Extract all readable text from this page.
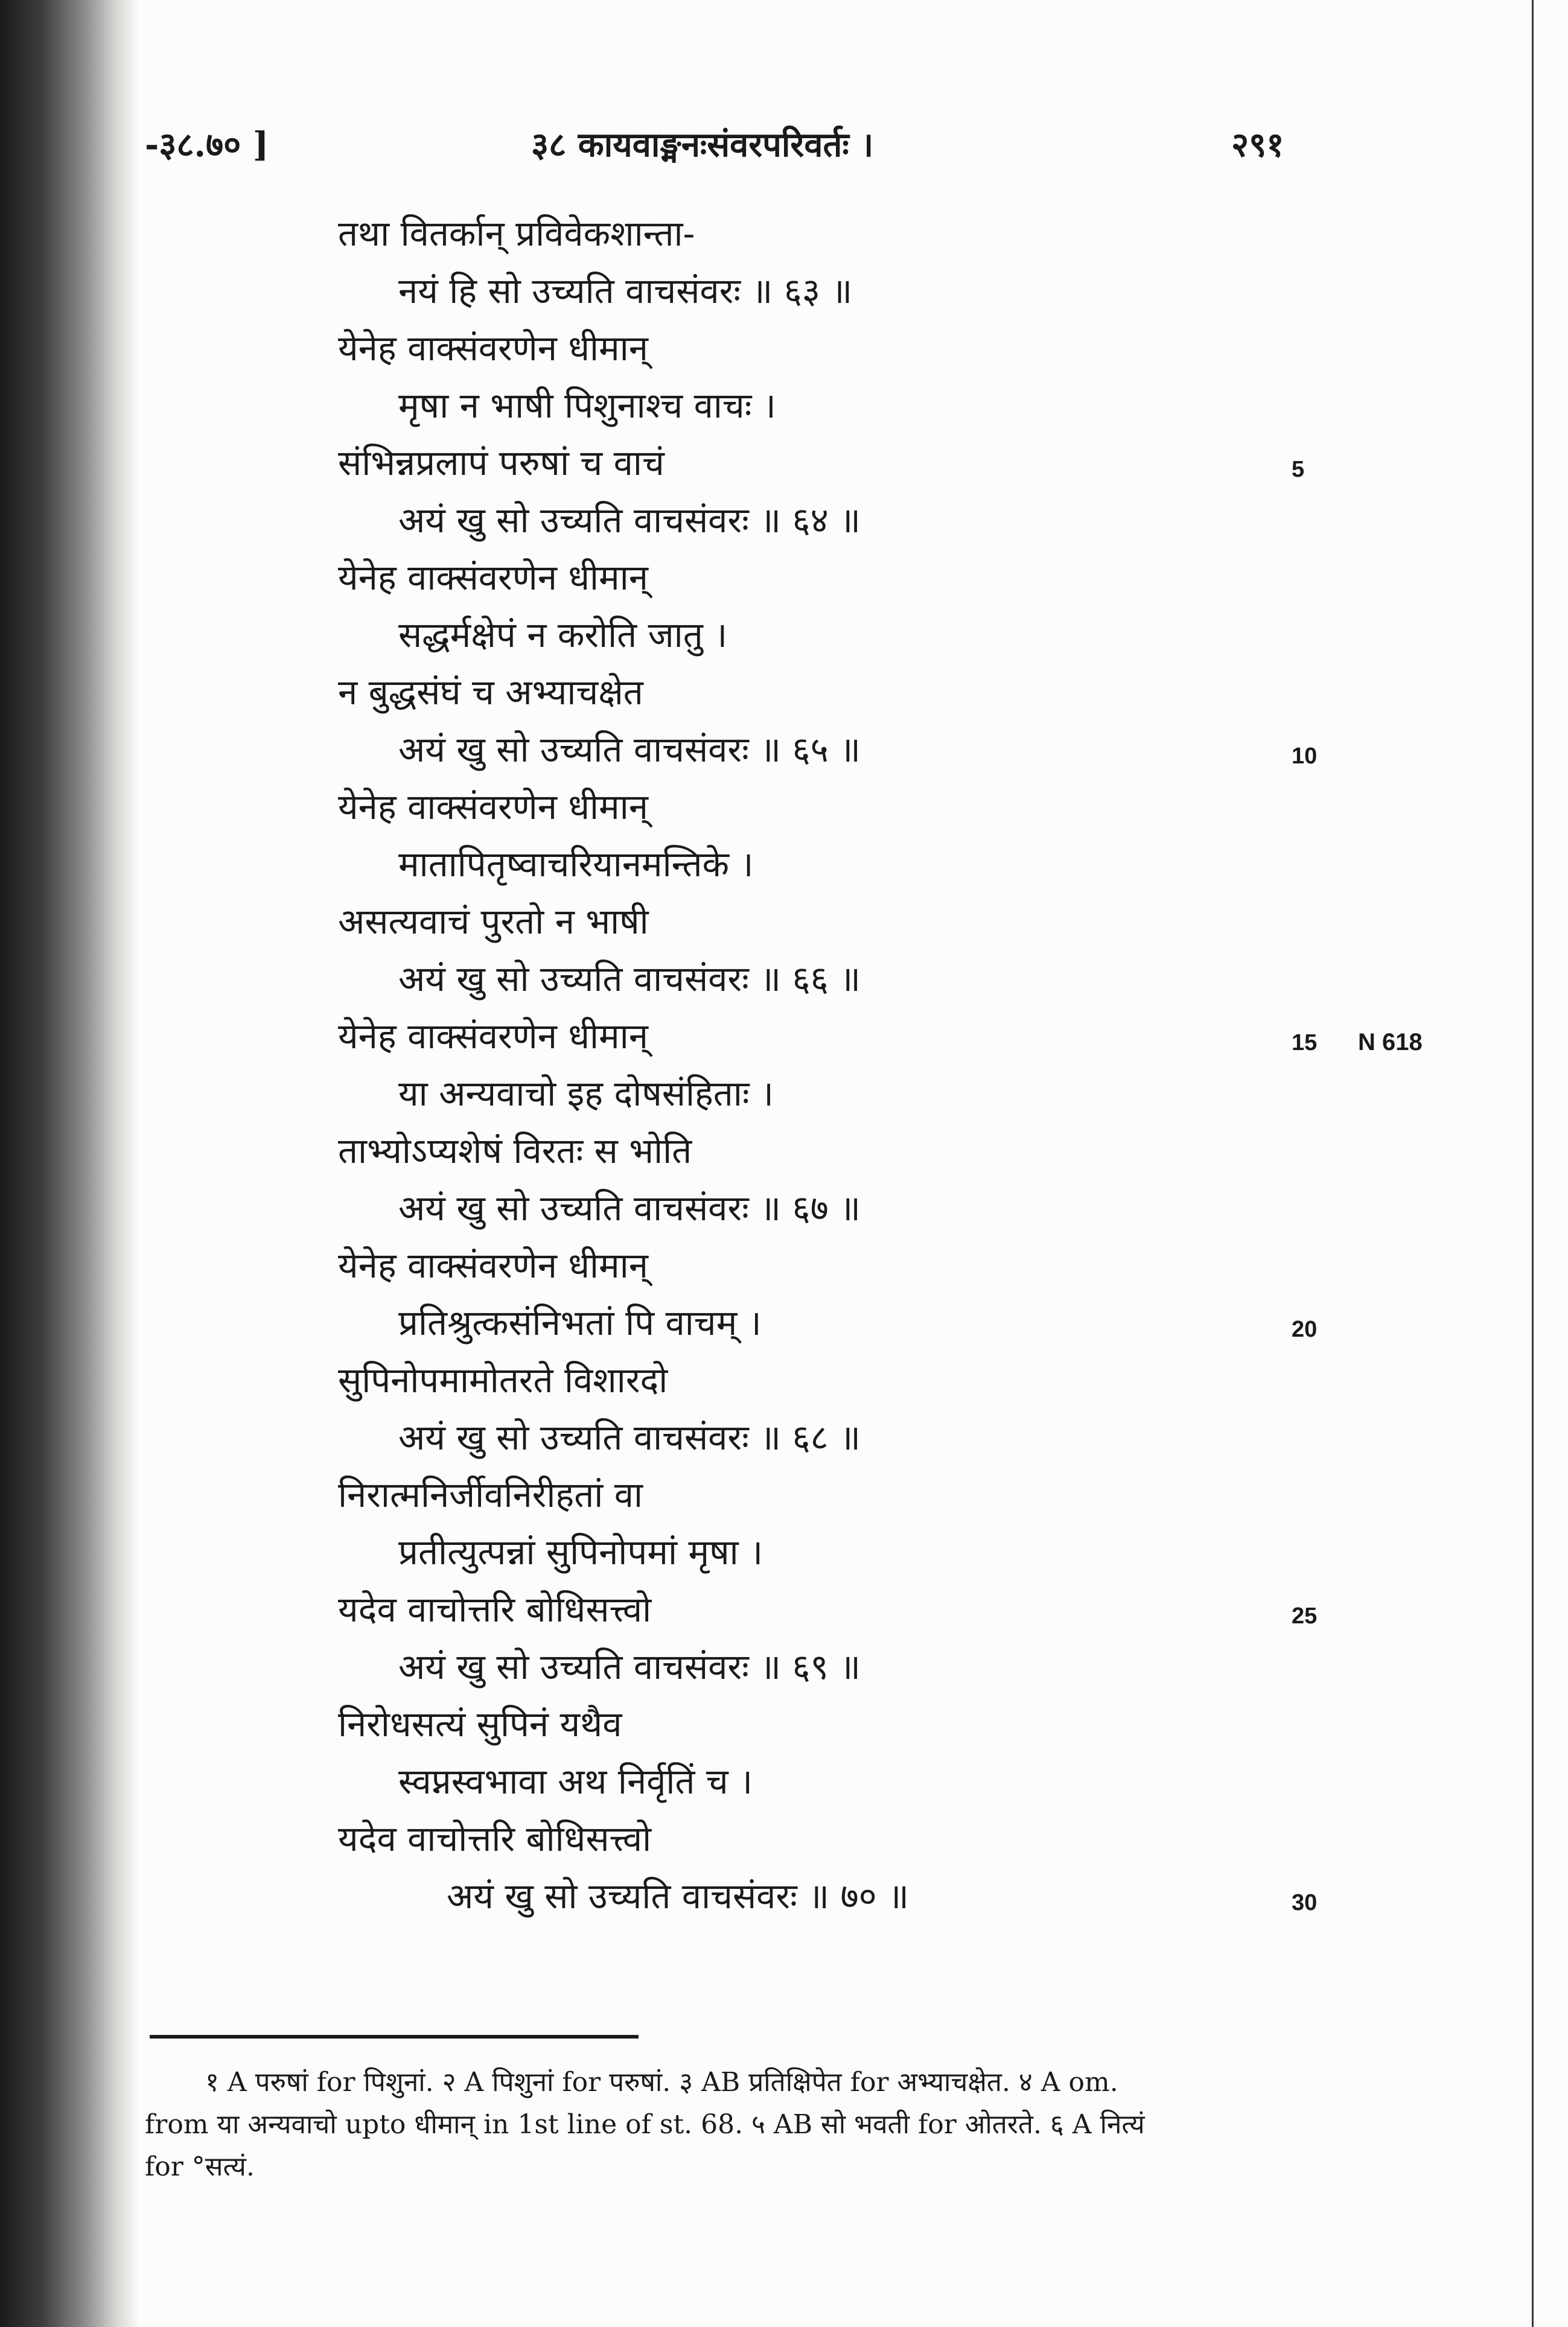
-३८.७० ]	३८ कायवाङ्मनःसंवरपरिवर्तः ।	२९१
तथा वितर्कान् प्रविवेकशान्ता-
नयं हि सो उच्यति वाचसंवरः ॥ ६३ ॥
येनेह वाक्संवरणेन धीमान्
मृषा न भाषी पिशुनाश्च वाचः ।
संभिन्नप्रलापं परुषां च वाचं
अयं खु सो उच्यति वाचसंवरः ॥ ६४ ॥
येनेह वाक्संवरणेन धीमान्
सद्धर्मक्षेपं न करोति जातु ।
न बुद्धसंघं च अभ्याचक्षेत
अयं खु सो उच्यति वाचसंवरः ॥ ६५ ॥
येनेह वाक्संवरणेन धीमान्
मातापितृष्वाचरियानमन्तिके ।
असत्यवाचं पुरतो न भाषी
अयं खु सो उच्यति वाचसंवरः ॥ ६६ ॥
येनेह वाक्संवरणेन धीमान्
या अन्यवाचो इह दोषसंहिताः ।
ताभ्योऽप्यशेषं विरतः स भोति
अयं खु सो उच्यति वाचसंवरः ॥ ६७ ॥
येनेह वाक्संवरणेन धीमान्
प्रतिश्रुत्कसंनिभतां पि वाचम् ।
सुपिनोपमामोतरते विशारदो
अयं खु सो उच्यति वाचसंवरः ॥ ६८ ॥
निरात्मनिर्जीवनिरीहतां वा
प्रतीत्युत्पन्नां सुपिनोपमां मृषा ।
यदेव वाचोत्तरि बोधिसत्त्वो
अयं खु सो उच्यति वाचसंवरः ॥ ६९ ॥
निरोधसत्यं सुपिनं यथैव
स्वप्नस्वभावा अथ निर्वृतिं च ।
यदेव वाचोत्तरि बोधिसत्त्वो
अयं खु सो उच्यति वाचसंवरः ॥ ७० ॥
5
10
15 N 618
20
25
30
१ A परुषां for पिशुनां. २ A पिशुनां for परुषां. ३ AB प्रतिक्षिपेत for अभ्याचक्षेत. ४ A om.
from या अन्यवाचो upto धीमान् in 1st line of st. 68. ५ AB सो भवती for ओतरते. ६ A नित्यं
for °सत्यं.
